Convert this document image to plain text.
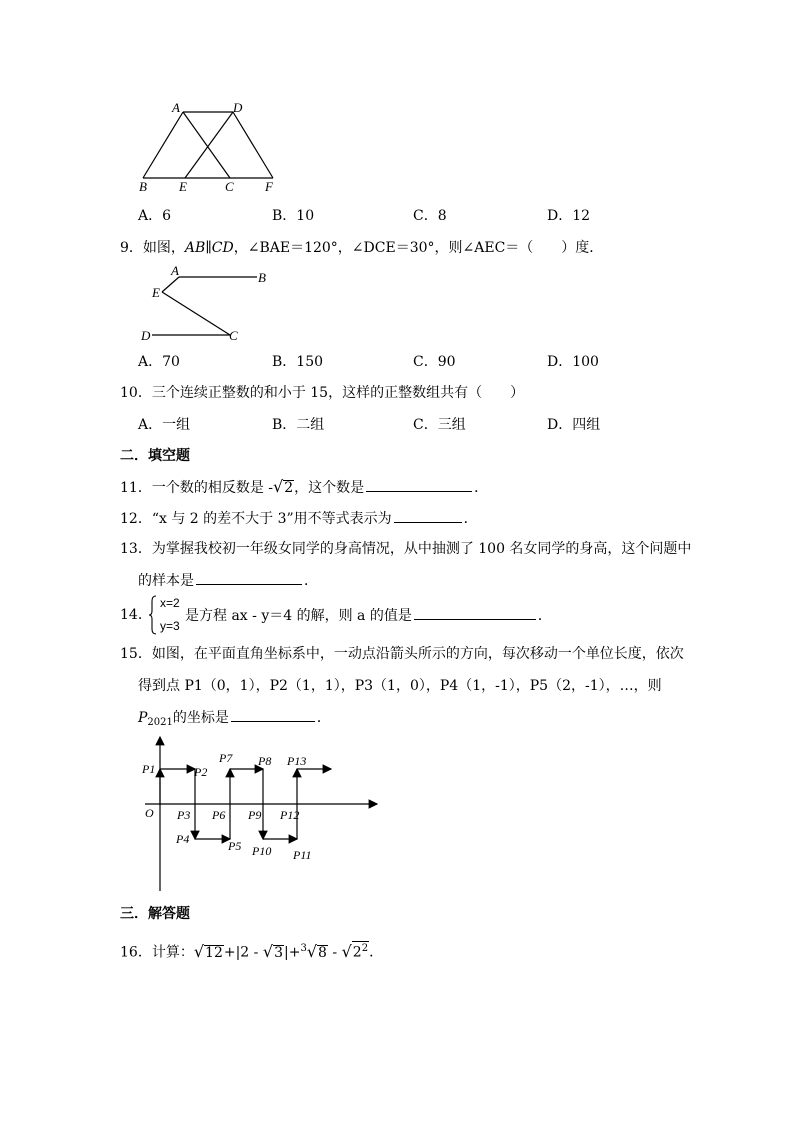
A	D
B E	C F
A．6	B．10	C．8	D．12
9．如图，AB∥CD，∠BAE＝120°，∠DCE＝30°，则∠AEC＝（　　）度．
A	B
E
D	C
A．70	B．150	C．90	D．100
10．三个连续正整数的和小于 15，这样的正整数组共有（　　）
A．一组	B．二组	C．三组	D．四组
二．填空题
11．一个数的相反数是 -√2，这个数是	．
12．“x 与 2 的差不大于 3”用不等式表示为	．
13．为掌握我校初一年级女同学的身高情况，从中抽测了 100 名女同学的身高，这个问题中
的样本是	．
14．
x=2
y=3
是方程 ax - y＝4 的解，则 a 的值是	．
15．如图，在平面直角坐标系中，一动点沿箭头所示的方向，每次移动一个单位长度，依次
得到点 P1（0，1），P2（1，1），P3（1，0），P4（1，-1），P5（2，-1），…，则
$P_{2021}$的坐标是	．
O
P1	P2
P3
P4	P5
P6
P7 P8
P9
P10 P11
P12
P13
三．解答题
16．计算：$√12+|2 - √3|+^3√8 - √2^2$．
